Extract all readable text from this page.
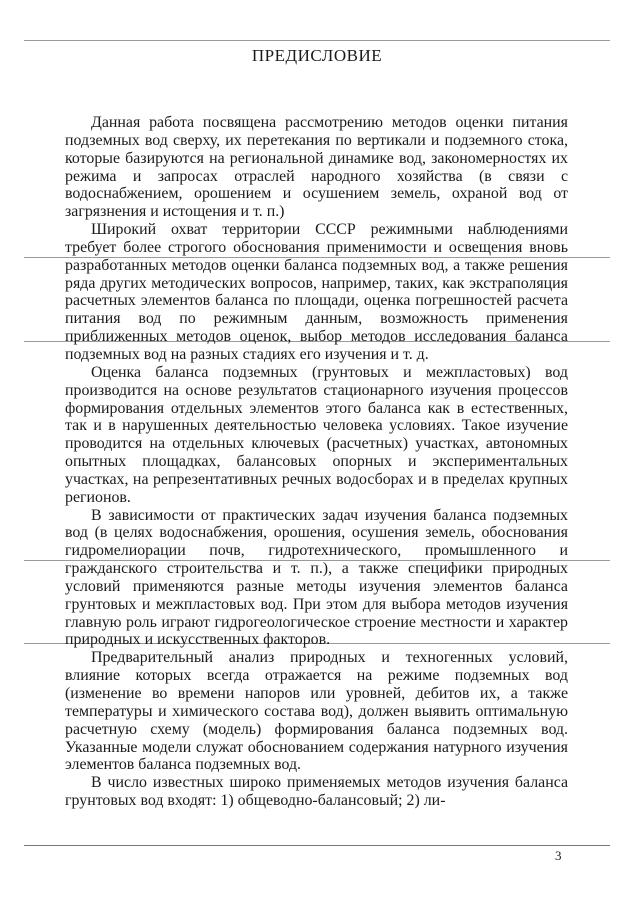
ПРЕДИСЛОВИЕ

Данная работа посвящена рассмотрению методов оценки питания подземных вод сверху, их перетекания по вертикали и подземного стока, которые базируются на региональной динамике вод, закономерностях их режима и запросах отраслей народного хозяйства (в связи с водоснабжением, орошением и осушением земель, охраной вод от загрязнения и истощения и т. п.)

Широкий охват территории СССР режимными наблюдениями требует более строгого обоснования применимости и освещения вновь разработанных методов оценки баланса подземных вод, а также решения ряда других методических вопросов, например, таких, как экстраполяция расчетных элементов баланса по площади, оценка погрешностей расчета питания вод по режимным данным, возможность применения приближенных методов оценок, выбор методов исследования баланса подземных вод на разных стадиях его изучения и т. д.

Оценка баланса подземных (грунтовых и межпластовых) вод производится на основе результатов стационарного изучения процессов формирования отдельных элементов этого баланса как в естественных, так и в нарушенных деятельностью человека условиях. Такое изучение проводится на отдельных ключевых (расчетных) участках, автономных опытных площадках, балансовых опорных и экспериментальных участках, на репрезентативных речных водосборах и в пределах крупных регионов.

В зависимости от практических задач изучения баланса подземных вод (в целях водоснабжения, орошения, осушения земель, обоснования гидромелиорации почв, гидротехнического, промышленного и гражданского строительства и т. п.), а также специфики природных условий применяются разные методы изучения элементов баланса грунтовых и межпластовых вод. При этом для выбора методов изучения главную роль играют гидрогеологическое строение местности и характер природных и искусственных факторов.

Предварительный анализ природных и техногенных условий, влияние которых всегда отражается на режиме подземных вод (изменение во времени напоров или уровней, дебитов их, а также температуры и химического состава вод), должен выявить оптимальную расчетную схему (модель) формирования баланса подземных вод. Указанные модели служат обоснованием содержания натурного изучения элементов баланса подземных вод.

В число известных широко применяемых методов изучения баланса грунтовых вод входят: 1) общеводно-балансовый; 2) ли-

3
